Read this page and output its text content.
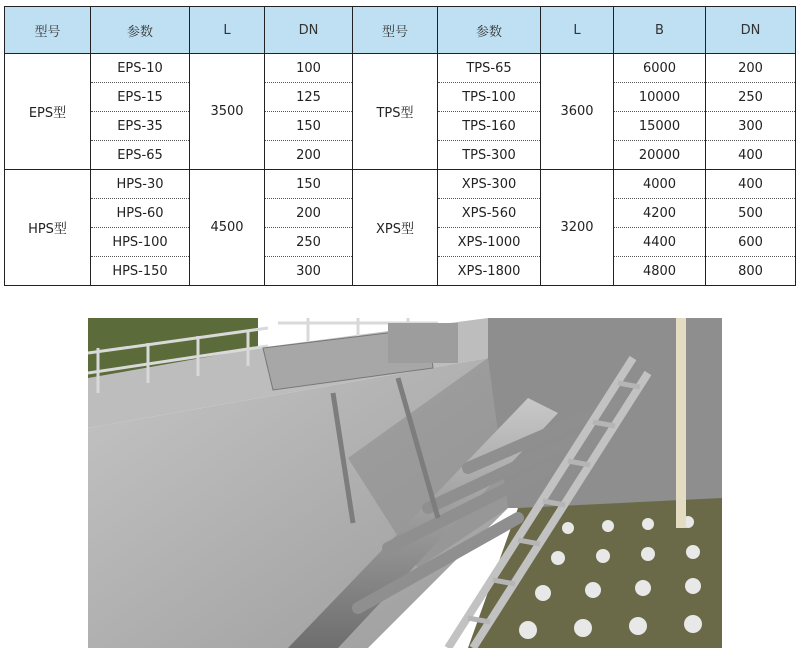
型号	参数	L	DN	型号	参数	L	B	DN
EPS型	EPS-10	3500	100	TPS型	TPS-65	3600	6000	200
	EPS-15		125		TPS-100		10000	250
	EPS-35		150		TPS-160		15000	300
	EPS-65		200		TPS-300		20000	400
HPS型	HPS-30	4500	150	XPS型	XPS-300	3200	4000	400
	HPS-60		200		XPS-560		4200	500
	HPS-100		250		XPS-1000		4400	600
	HPS-150		300		XPS-1800		4800	800
